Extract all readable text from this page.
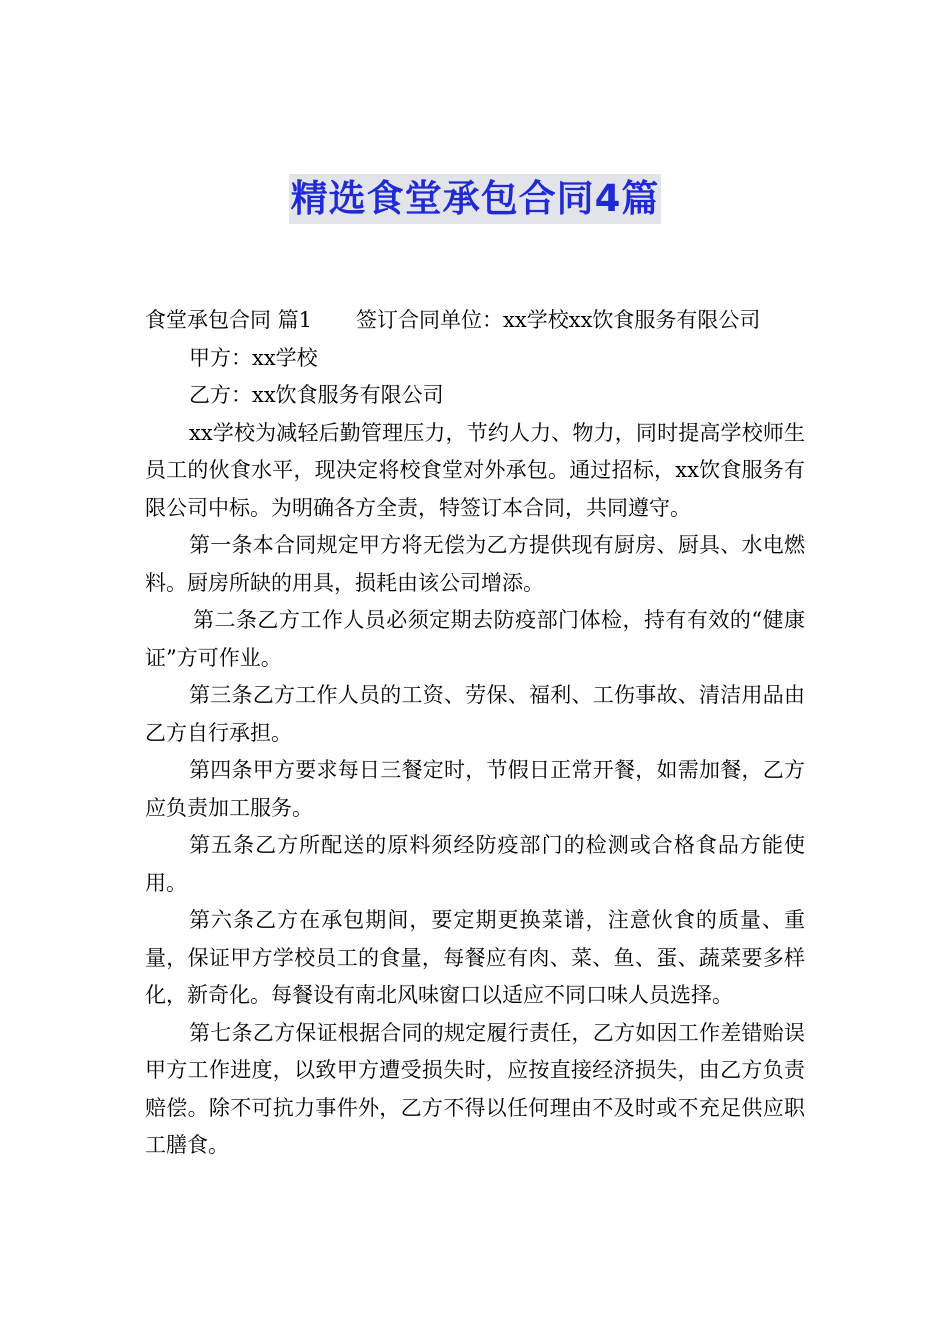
精选食堂承包合同4篇

食堂承包合同 篇1 签订合同单位：xx学校xx饮食服务有限公司

甲方：xx学校

乙方：xx饮食服务有限公司

xx学校为减轻后勤管理压力，节约人力、物力，同时提高学校师生员工的伙食水平，现决定将校食堂对外承包。通过招标，xx饮食服务有限公司中标。为明确各方全责，特签订本合同，共同遵守。

第一条本合同规定甲方将无偿为乙方提供现有厨房、厨具、水电燃料。厨房所缺的用具，损耗由该公司增添。

第二条乙方工作人员必须定期去防疫部门体检，持有有效的“健康证”方可作业。

第三条乙方工作人员的工资、劳保、福利、工伤事故、清洁用品由乙方自行承担。

第四条甲方要求每日三餐定时，节假日正常开餐，如需加餐，乙方应负责加工服务。

第五条乙方所配送的原料须经防疫部门的检测或合格食品方能使用。

第六条乙方在承包期间，要定期更换菜谱，注意伙食的质量、重量，保证甲方学校员工的食量，每餐应有肉、菜、鱼、蛋、蔬菜要多样化，新奇化。每餐设有南北风味窗口以适应不同口味人员选择。

第七条乙方保证根据合同的规定履行责任，乙方如因工作差错贻误甲方工作进度，以致甲方遭受损失时，应按直接经济损失，由乙方负责赔偿。除不可抗力事件外，乙方不得以任何理由不及时或不充足供应职工膳食。
